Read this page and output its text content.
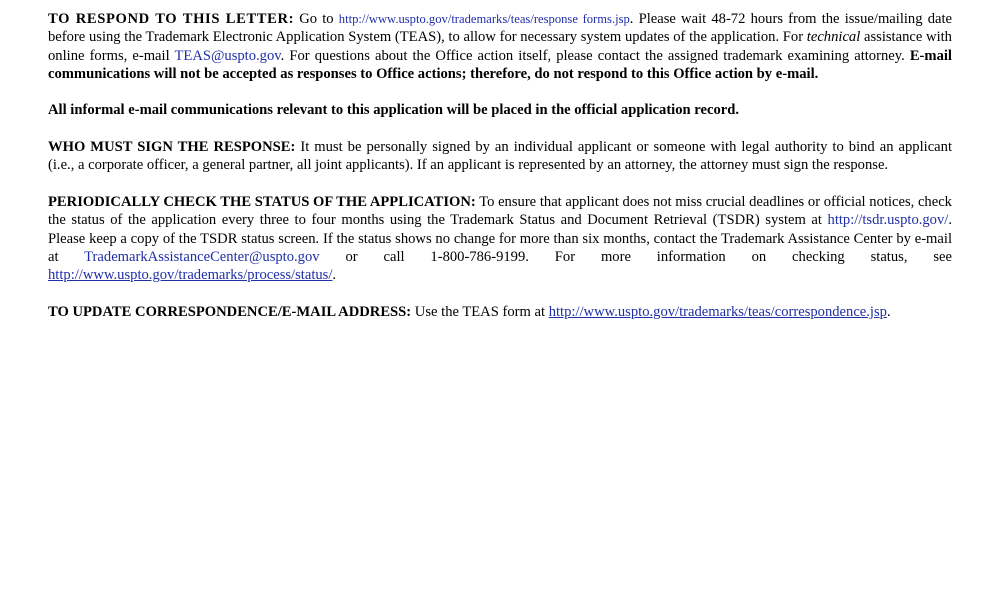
TO RESPOND TO THIS LETTER: Go to http://www.uspto.gov/trademarks/teas/response forms.jsp. Please wait 48-72 hours from the issue/mailing date before using the Trademark Electronic Application System (TEAS), to allow for necessary system updates of the application. For technical assistance with online forms, e-mail TEAS@uspto.gov. For questions about the Office action itself, please contact the assigned trademark examining attorney. E-mail communications will not be accepted as responses to Office actions; therefore, do not respond to this Office action by e-mail.

All informal e-mail communications relevant to this application will be placed in the official application record.

WHO MUST SIGN THE RESPONSE: It must be personally signed by an individual applicant or someone with legal authority to bind an applicant (i.e., a corporate officer, a general partner, all joint applicants). If an applicant is represented by an attorney, the attorney must sign the response.

PERIODICALLY CHECK THE STATUS OF THE APPLICATION: To ensure that applicant does not miss crucial deadlines or official notices, check the status of the application every three to four months using the Trademark Status and Document Retrieval (TSDR) system at http://tsdr.uspto.gov/. Please keep a copy of the TSDR status screen. If the status shows no change for more than six months, contact the Trademark Assistance Center by e-mail at TrademarkAssistanceCenter@uspto.gov or call 1-800-786-9199. For more information on checking status, see http://www.uspto.gov/trademarks/process/status/.

TO UPDATE CORRESPONDENCE/E-MAIL ADDRESS: Use the TEAS form at http://www.uspto.gov/trademarks/teas/correspondence.jsp.
